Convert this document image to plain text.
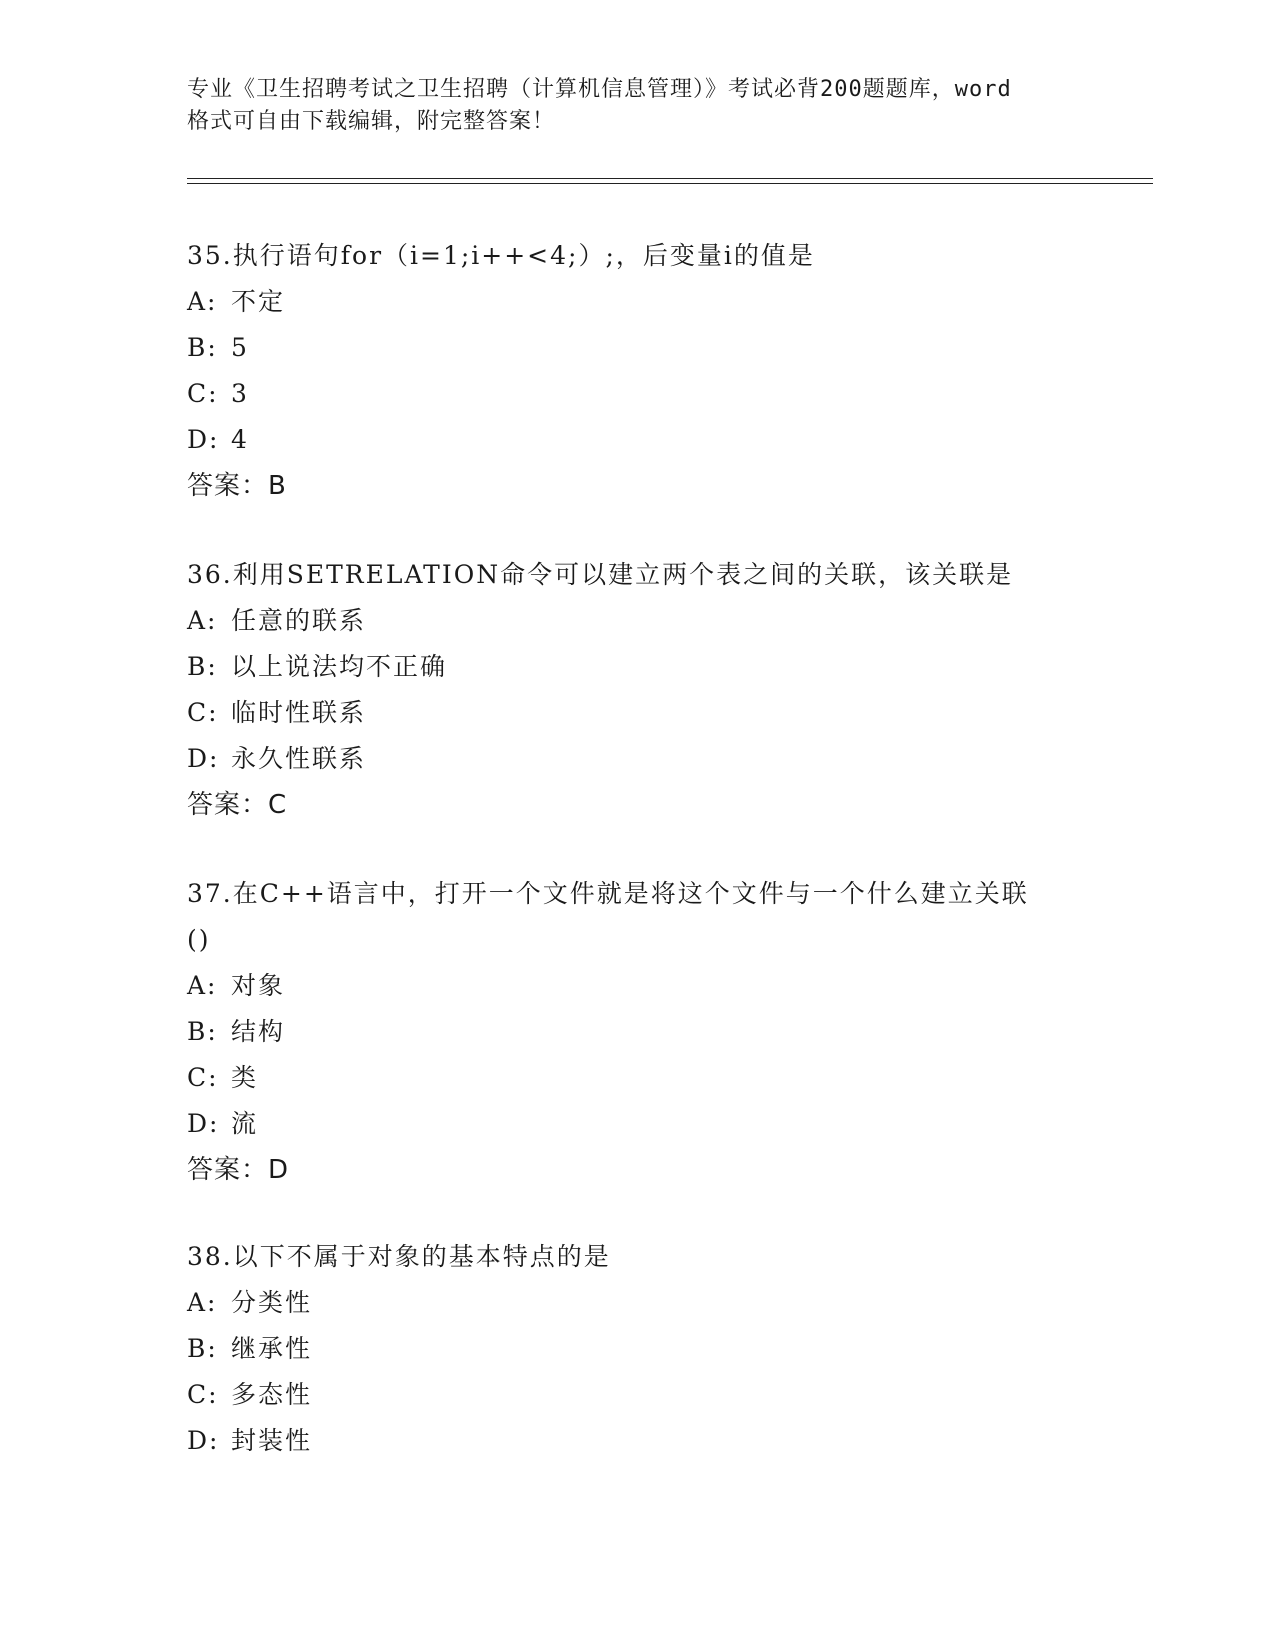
专业《卫生招聘考试之卫生招聘（计算机信息管理）》考试必背200题题库，word
格式可自由下载编辑，附完整答案！
35.执行语句for（i=1;i++<4;）;，后变量i的值是
A: 不定
B: 5
C: 3
D: 4
答案：B
36.利用SETRELATION命令可以建立两个表之间的关联，该关联是
A: 任意的联系
B: 以上说法均不正确
C: 临时性联系
D: 永久性联系
答案：C
37.在C++语言中，打开一个文件就是将这个文件与一个什么建立关联
()
A: 对象
B: 结构
C: 类
D: 流
答案：D
38.以下不属于对象的基本特点的是
A: 分类性
B: 继承性
C: 多态性
D: 封装性
